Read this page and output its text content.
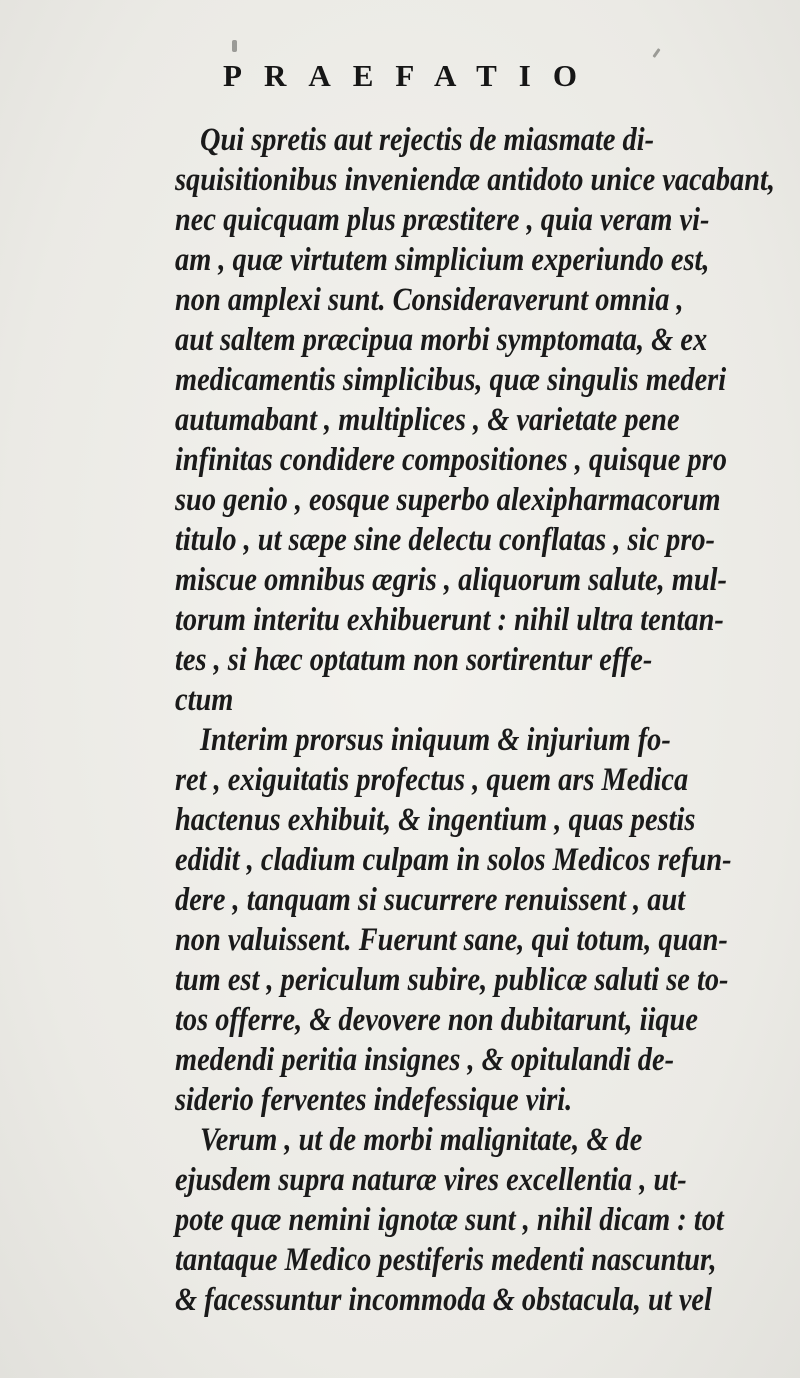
PRAEFATIO
Qui spretis aut rejectis de miasmate di-
squisitionibus inveniendæ antidoto unice vacabant,
nec quicquam plus præstitere , quia veram vi-
am , quæ virtutem simplicium experiundo est,
non amplexi sunt. Consideraverunt omnia ,
aut saltem præcipua morbi symptomata, & ex
medicamentis simplicibus, quæ singulis mederi
autumabant , multiplices , & varietate pene
infinitas condidere compositiones , quisque pro
suo genio , eosque superbo alexipharmacorum
titulo , ut sæpe sine delectu conflatas , sic pro-
miscue omnibus ægris , aliquorum salute, mul-
torum interitu exhibuerunt : nihil ultra tentan-
tes , si hæc optatum non sortirentur effe-
ctum
Interim prorsus iniquum & injurium fo-
ret , exiguitatis profectus , quem ars Medica
hactenus exhibuit, & ingentium , quas pestis
edidit , cladium culpam in solos Medicos refun-
dere , tanquam si sucurrere renuissent , aut
non valuissent. Fuerunt sane, qui totum, quan-
tum est , periculum subire, publicæ saluti se to-
tos offerre, & devovere non dubitarunt, iique
medendi peritia insignes , & opitulandi de-
siderio ferventes indefessique viri.
Verum , ut de morbi malignitate, & de
ejusdem supra naturæ vires excellentia , ut-
pote quæ nemini ignotæ sunt , nihil dicam : tot
tantaque Medico pestiferis medenti nascuntur,
& facessuntur incommoda & obstacula, ut vel
